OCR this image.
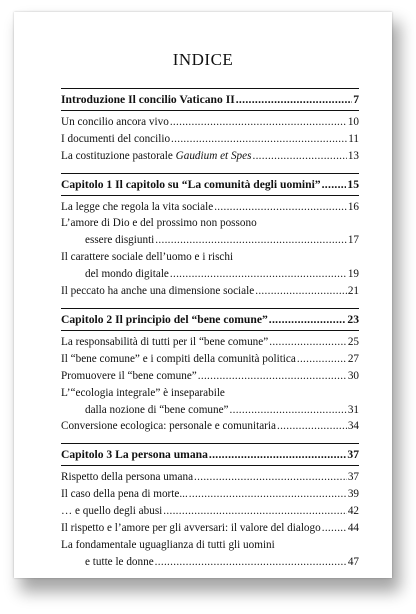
INDICE
Introduzione Il concilio Vaticano II .....	7
Un concilio ancora vivo .....	10
I documenti del concilio .....	11
La costituzione pastorale Gaudium et Spes .....	13
Capitolo 1 Il capitolo su “La comunità degli uomini” ..... 15
La legge che regola la vita sociale .....	16
L’amore di Dio e del prossimo non possono
essere disgiunti .....	17
Il carattere sociale dell’uomo e i rischi
del mondo digitale .....	19
Il peccato ha anche una dimensione sociale .....	21
Capitolo 2 Il principio del “bene comune” .....	23
La responsabilità di tutti per il “bene comune” .....	25
Il “bene comune” e i compiti della comunità politica .....	27
Promuovere il “bene comune” .....	30
L’“ecologia integrale” è inseparabile
dalla nozione di “bene comune” .....	31
Conversione ecologica: personale e comunitaria .....	34
Capitolo 3 La persona umana .....	37
Rispetto della persona umana .....	37
Il caso della pena di morte... .....	39
… e quello degli abusi .....	42
Il rispetto e l’amore per gli avversari: il valore del dialogo ..... 44
La fondamentale uguaglianza di tutti gli uomini
e tutte le donne .....	47
